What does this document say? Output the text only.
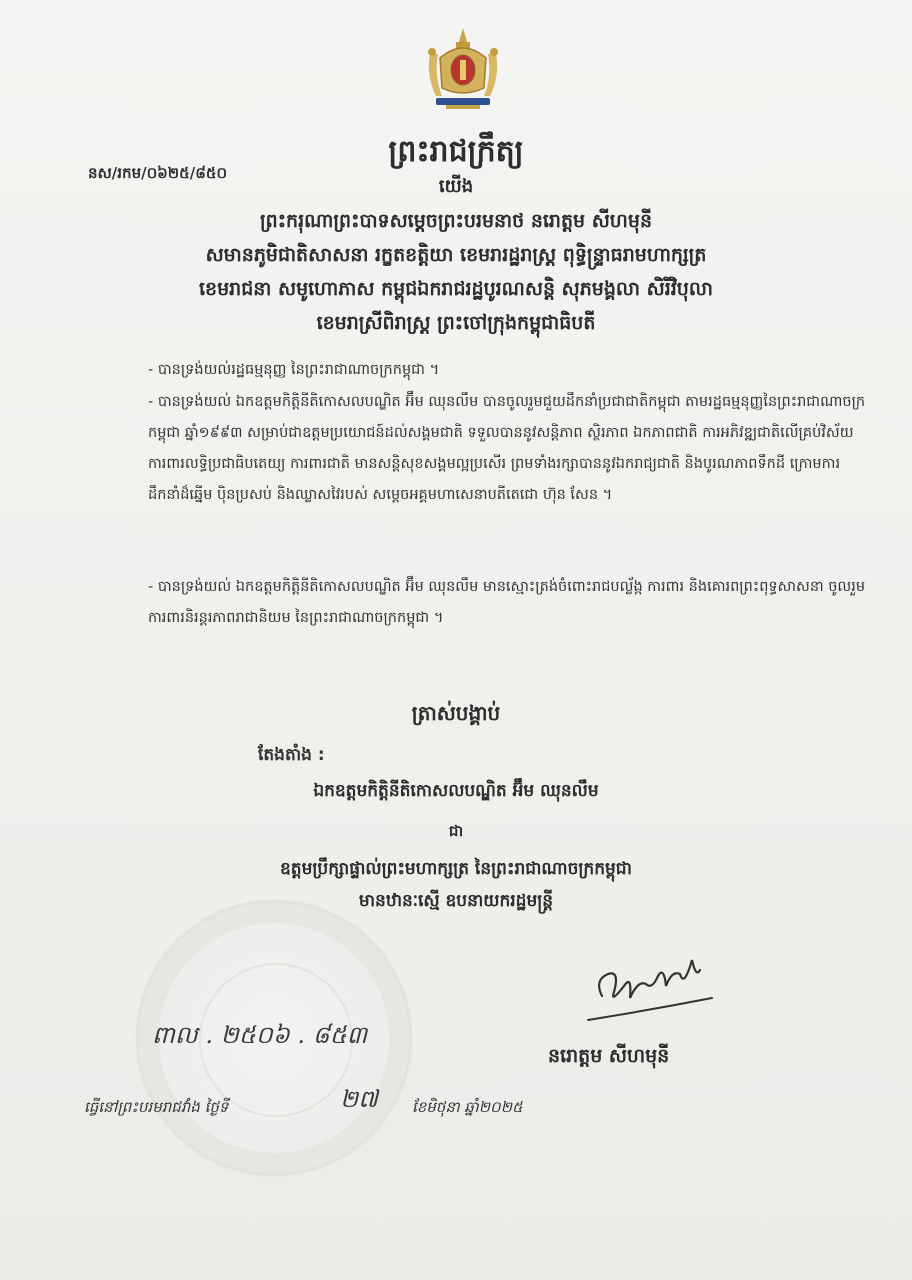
ព្រះរាជក្រឹត្យ
នស/រកម/០៦២៥/៨៥០
យើង
ព្រះករុណាព្រះបាទសម្តេចព្រះបរមនាថ នរោត្តម សីហមុនី
សមានភូមិជាតិសាសនា រក្ខតខត្តិយា ខេមរារដ្ឋរាស្ត្រ ពុទ្ធិន្ទ្រាធរាមហាក្សត្រ
ខេមរាជនា សមូហោភាស កម្ពុជឯករាជរដ្ឋបូរណសន្តិ សុភមង្គលា សិរីវិបុលា
ខេមរាស្រីពិរាស្ត្រ ព្រះចៅក្រុងកម្ពុជាធិបតី

- បានទ្រង់យល់រដ្ឋធម្មនុញ្ញ នៃព្រះរាជាណាចក្រកម្ពុជា ។

- បានទ្រង់យល់ ឯកឧត្តមកិត្តិនីតិកោសលបណ្ឌិត អ៊ឹម ឈុនលឹម បានចូលរួមជួយដឹកនាំប្រជាជាតិកម្ពុជា តាមរដ្ឋធម្មនុញ្ញនៃព្រះរាជាណាចក្រកម្ពុជា ឆ្នាំ១៩៩៣ សម្រាប់ជាឧត្តមប្រយោជន៍ដល់សង្គមជាតិ ទទួលបាននូវសន្តិភាព ស្ថិរភាព ឯកភាពជាតិ ការអភិវឌ្ឍជាតិលើគ្រប់វិស័យ ការពារលទ្ធិប្រជាធិបតេយ្យ ការពារជាតិ មានសន្តិសុខសង្គមល្អប្រសើរ ព្រមទាំងរក្សាបាននូវឯករាជ្យជាតិ និងបូរណភាពទឹកដី ក្រោមការដឹកនាំដ៏ឆ្នើម ប៉ិនប្រសប់ និងឈ្លាសវៃរបស់ សម្តេចអគ្គមហាសេនាបតីតេជោ ហ៊ុន សែន ។

- បានទ្រង់យល់ ឯកឧត្តមកិត្តិនីតិកោសលបណ្ឌិត អ៊ឹម ឈុនលឹម មានស្មោះត្រង់ចំពោះរាជបល្ល័ង្ក ការពារ និងគោរពព្រះពុទ្ធសាសនា ចូលរួមការពារនិរន្តរភាពរាជានិយម នៃព្រះរាជាណាចក្រកម្ពុជា ។

ត្រាស់បង្គាប់
តែងតាំង :
ឯកឧត្តមកិត្តិនីតិកោសលបណ្ឌិត អ៊ឹម ឈុនលឹម
ជា
ឧត្តមប្រឹក្សាផ្ទាល់ព្រះមហាក្សត្រ នៃព្រះរាជាណាចក្រកម្ពុជា
មានឋានៈស្មើ ឧបនាយករដ្ឋមន្ត្រី
ពាល . ២៥០៦ . ៨៥៣
នរោត្តម សីហមុនី
ធ្វើនៅព្រះបរមរាជវាំង ថ្ងៃទី	២៧ ខែមិថុនា ឆ្នាំ២០២៥
